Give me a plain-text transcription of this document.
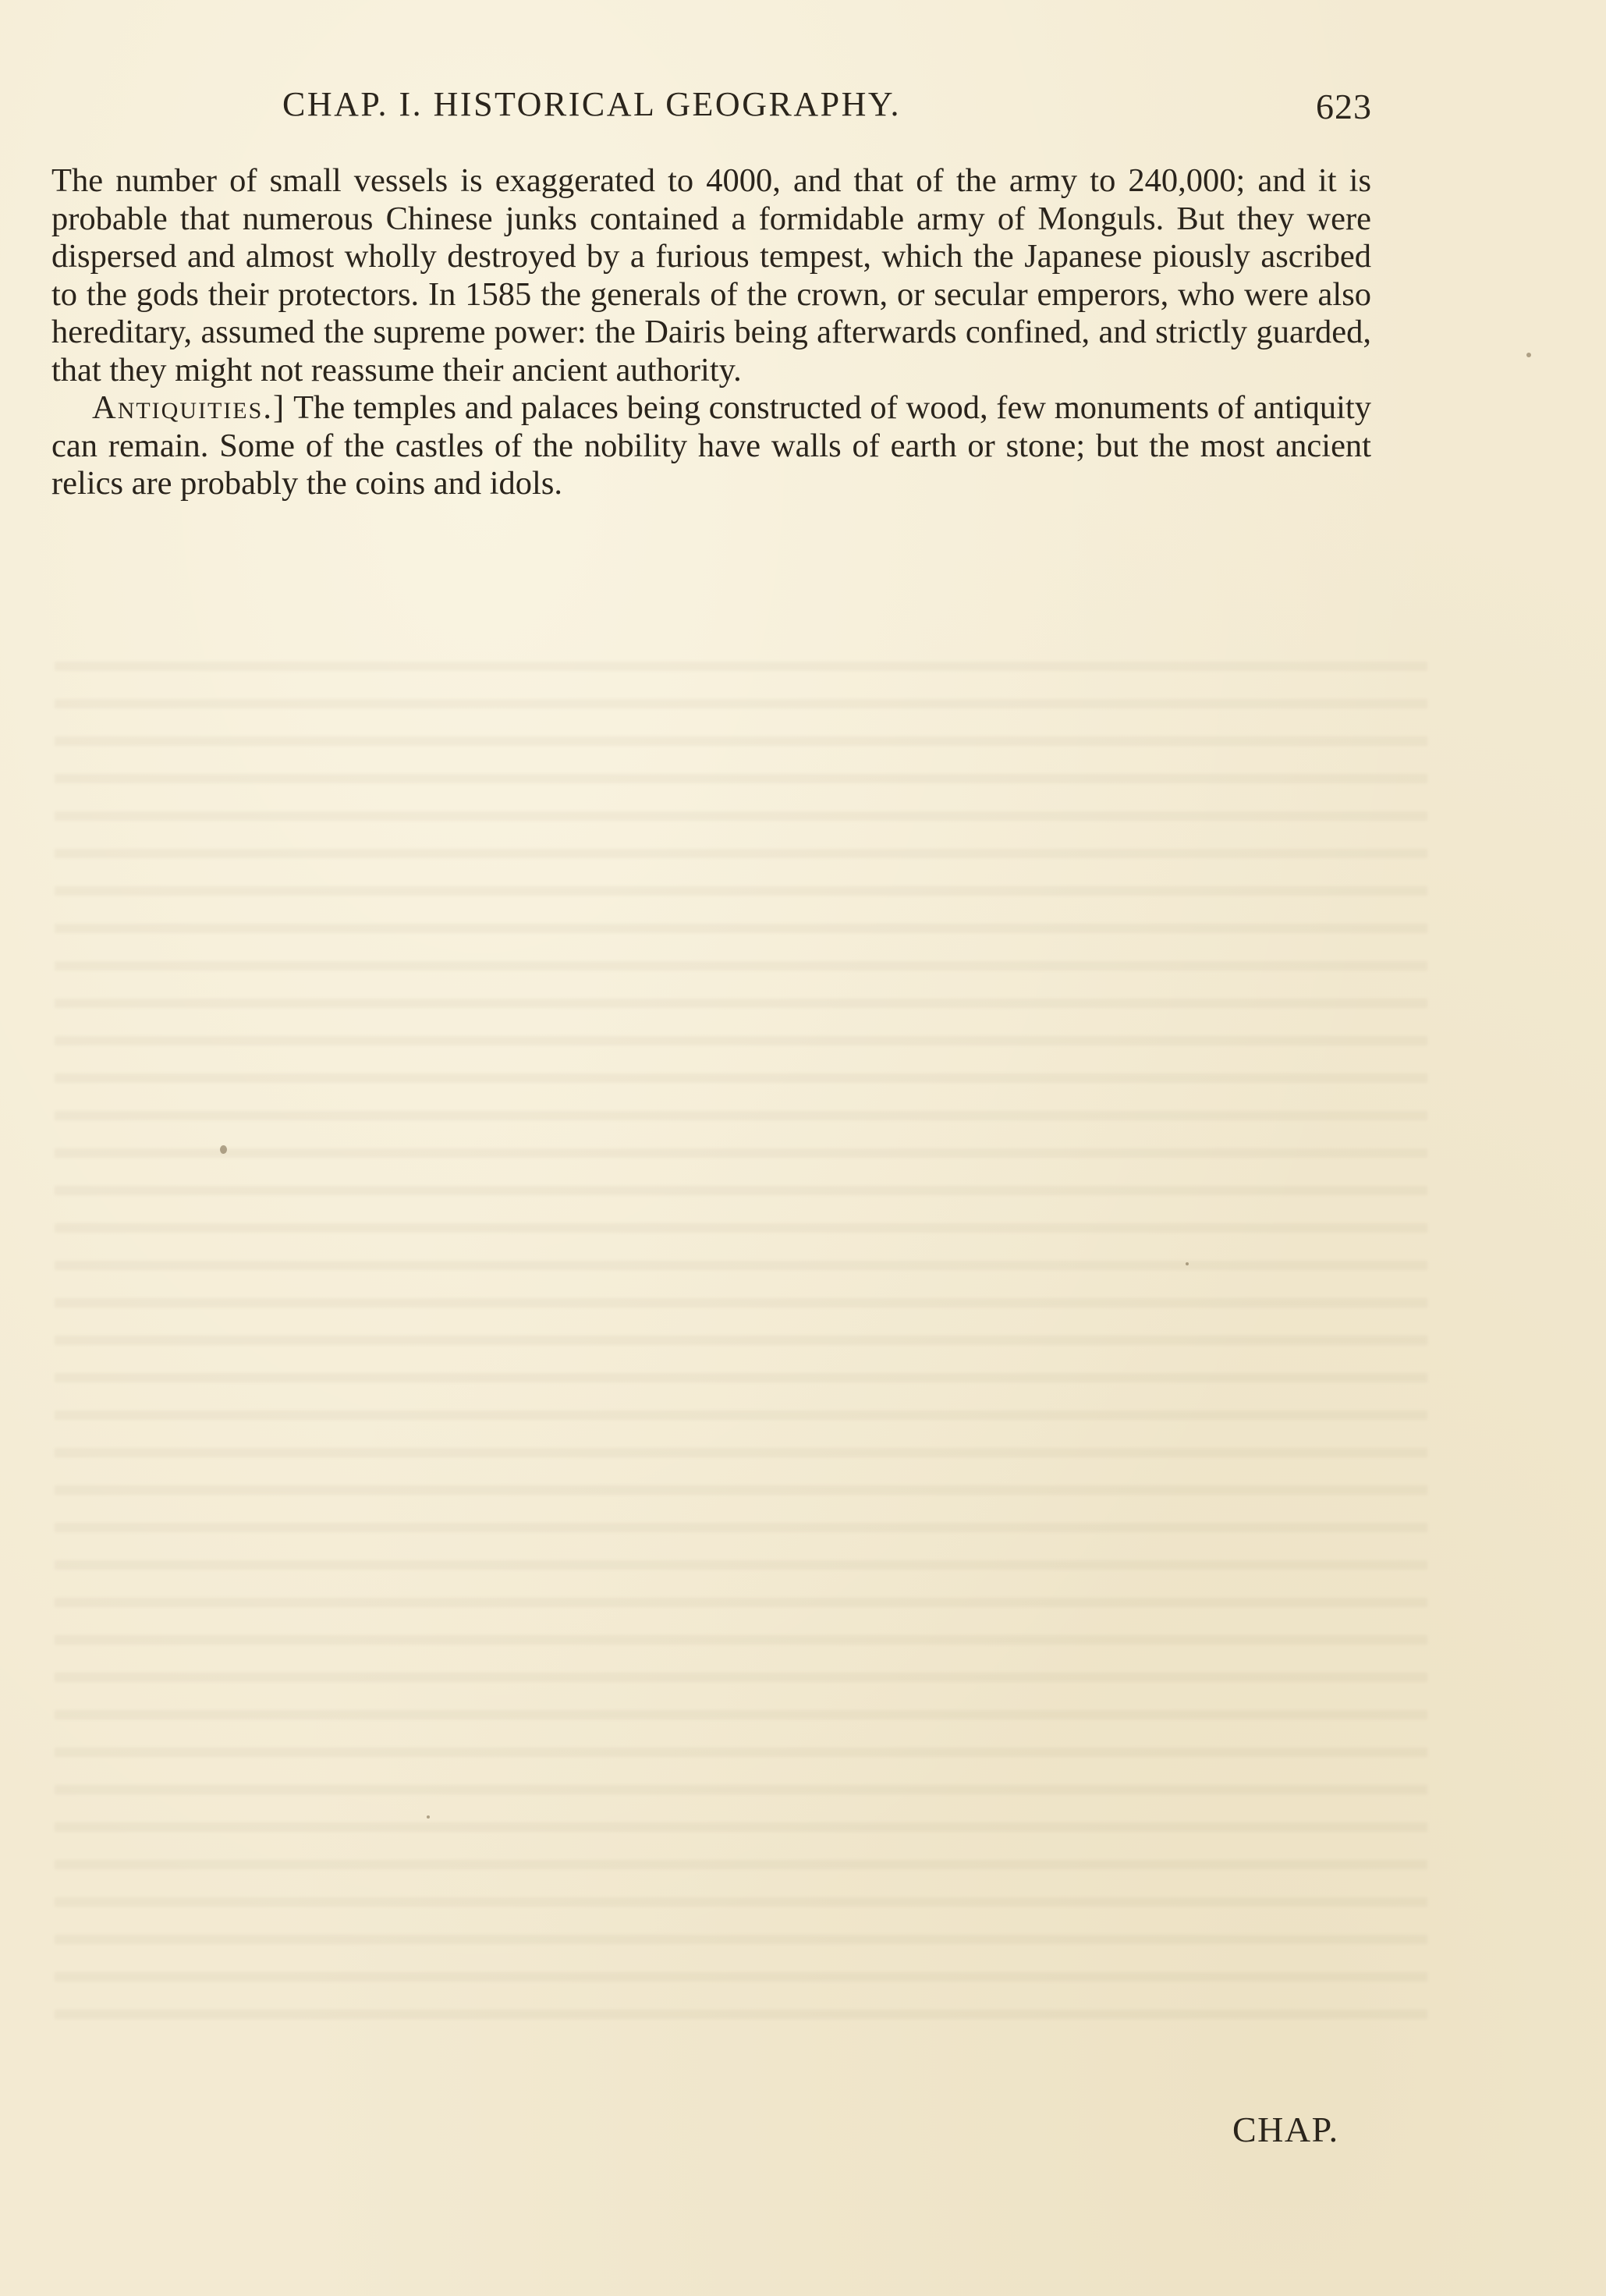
CHAP. I. HISTORICAL GEOGRAPHY.	623

The number of small vessels is exaggerated to 4000, and that of the army to 240,000; and it is probable that numerous Chinese junks contained a formidable army of Monguls. But they were dispersed and almost wholly destroyed by a furious tempest, which the Japanese piously ascribed to the gods their protectors. In 1585 the generals of the crown, or secular emperors, who were also hereditary, assumed the supreme power: the Dairis being afterwards confined, and strictly guarded, that they might not reassume their ancient authority.

Antiquities.] The temples and palaces being constructed of wood, few monuments of antiquity can remain. Some of the castles of the nobility have walls of earth or stone; but the most ancient relics are probably the coins and idols.

CHAP.
